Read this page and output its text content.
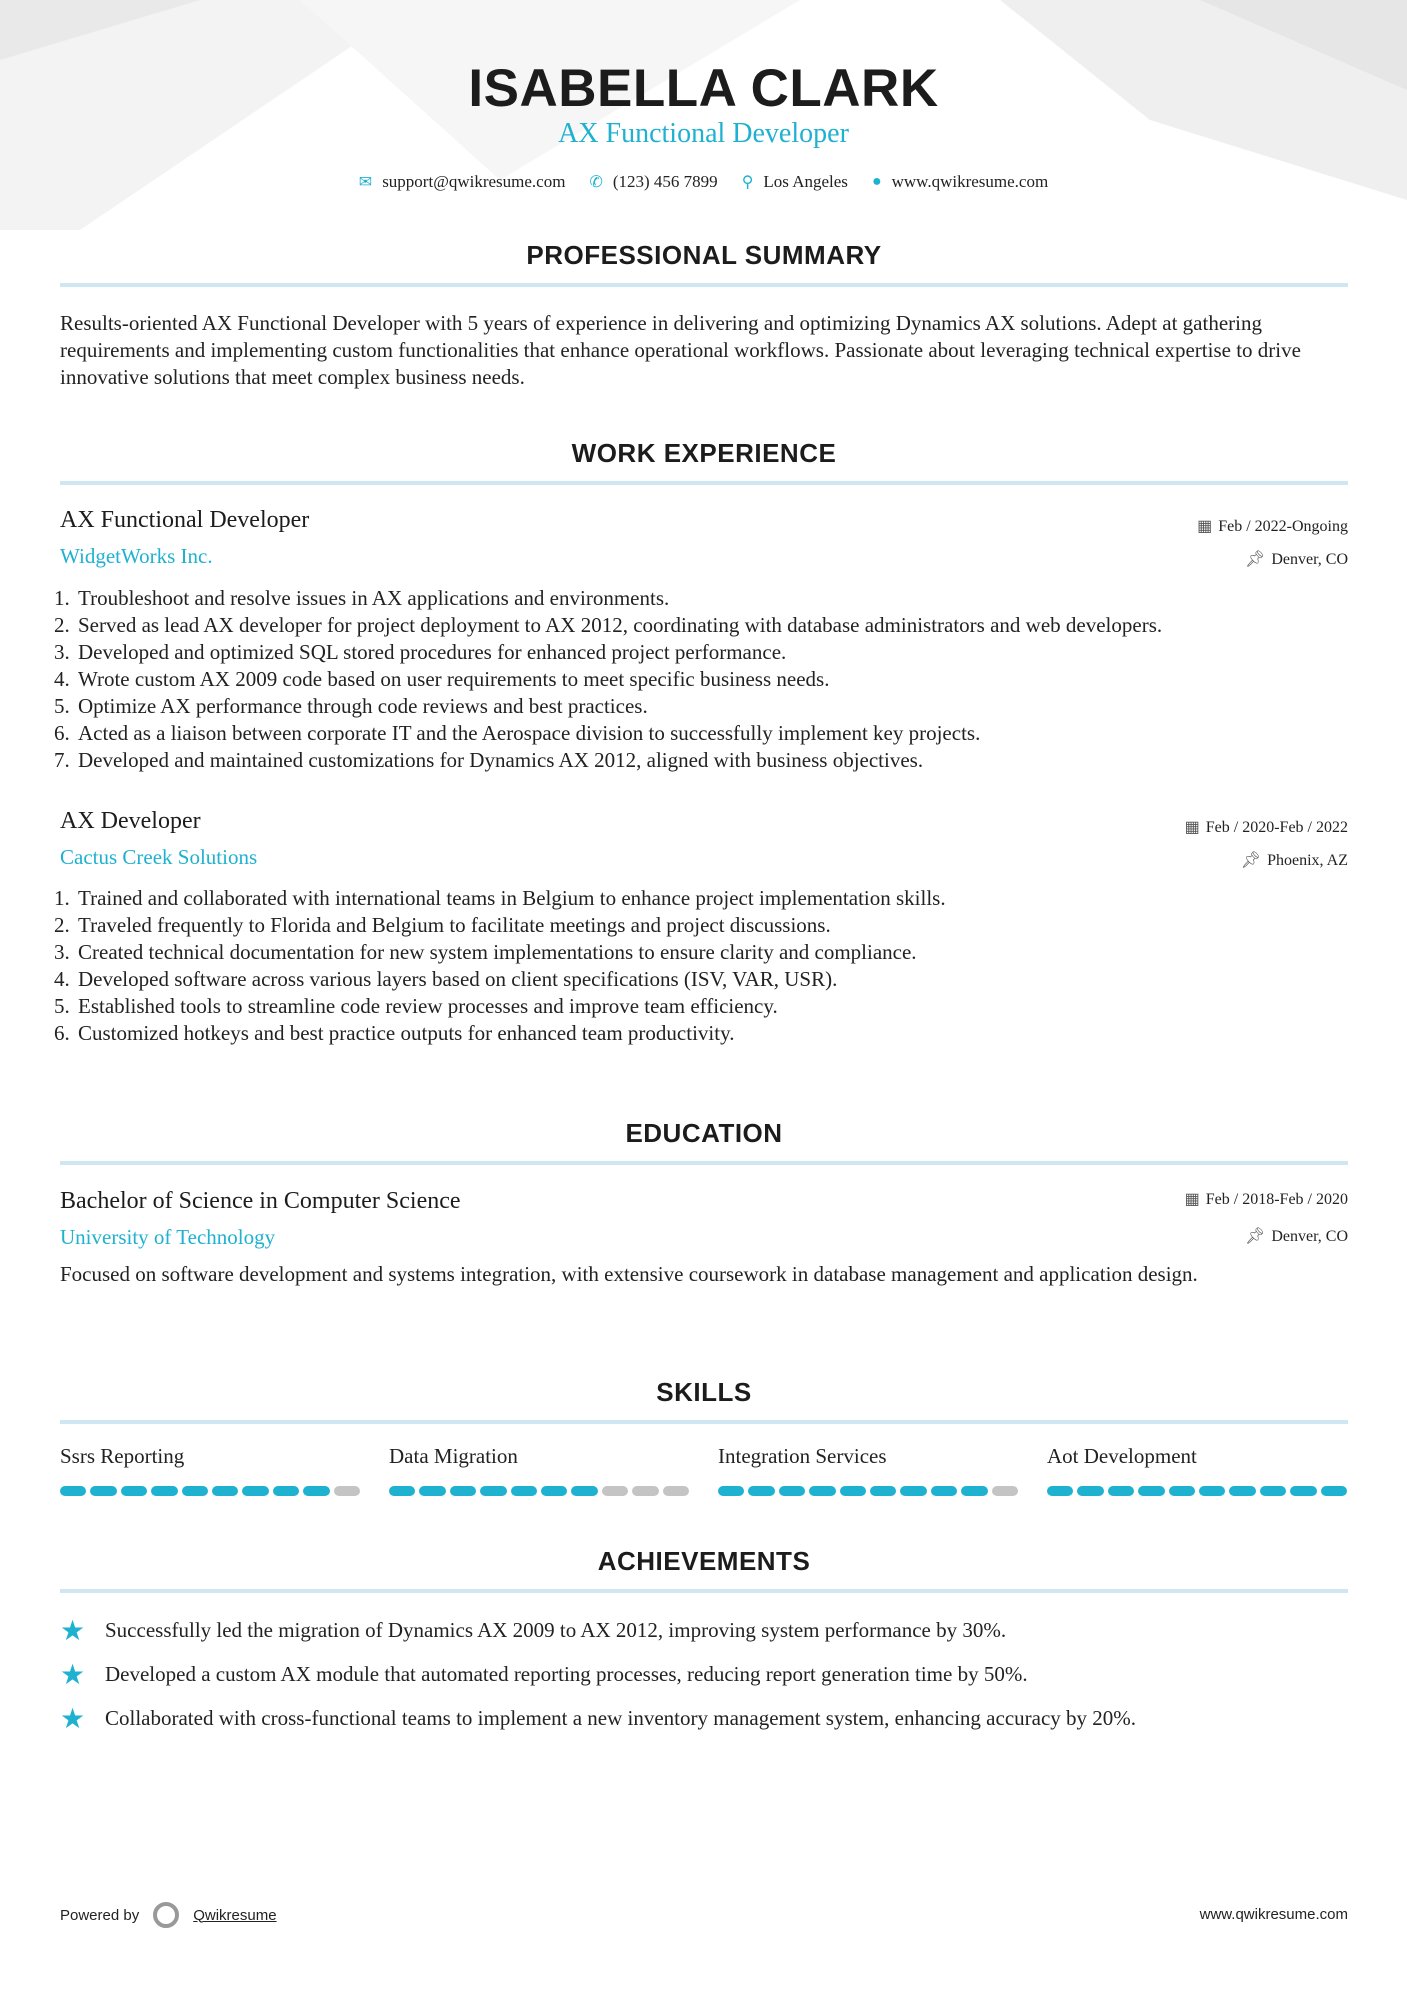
ISABELLA CLARK
AX Functional Developer
✉ support@qwikresume.com ✆ (123) 456 7899 ⚲ Los Angeles ● www.qwikresume.com
PROFESSIONAL SUMMARY
Results-oriented AX Functional Developer with 5 years of experience in delivering and optimizing Dynamics AX solutions. Adept at gathering requirements and implementing custom functionalities that enhance operational workflows. Passionate about leveraging technical expertise to drive innovative solutions that meet complex business needs.
WORK EXPERIENCE
AX Functional Developer
WidgetWorks Inc.
▦ Feb / 2022-Ongoing
📌︎ Denver, CO
1. Troubleshoot and resolve issues in AX applications and environments.
2. Served as lead AX developer for project deployment to AX 2012, coordinating with database administrators and web developers.
3. Developed and optimized SQL stored procedures for enhanced project performance.
4. Wrote custom AX 2009 code based on user requirements to meet specific business needs.
5. Optimize AX performance through code reviews and best practices.
6. Acted as a liaison between corporate IT and the Aerospace division to successfully implement key projects.
7. Developed and maintained customizations for Dynamics AX 2012, aligned with business objectives.
AX Developer
Cactus Creek Solutions
▦ Feb / 2020-Feb / 2022
📌︎ Phoenix, AZ
1. Trained and collaborated with international teams in Belgium to enhance project implementation skills.
2. Traveled frequently to Florida and Belgium to facilitate meetings and project discussions.
3. Created technical documentation for new system implementations to ensure clarity and compliance.
4. Developed software across various layers based on client specifications (ISV, VAR, USR).
5. Established tools to streamline code review processes and improve team efficiency.
6. Customized hotkeys and best practice outputs for enhanced team productivity.
EDUCATION
Bachelor of Science in Computer Science
University of Technology
▦ Feb / 2018-Feb / 2020
📌︎ Denver, CO
Focused on software development and systems integration, with extensive coursework in database management and application design.
SKILLS
Ssrs Reporting	Data Migration	Integration Services	Aot Development
ACHIEVEMENTS
★ Successfully led the migration of Dynamics AX 2009 to AX 2012, improving system performance by 30%.
★ Developed a custom AX module that automated reporting processes, reducing report generation time by 50%.
★ Collaborated with cross-functional teams to implement a new inventory management system, enhancing accuracy by 20%.
Powered by	Qwikresume	www.qwikresume.com
